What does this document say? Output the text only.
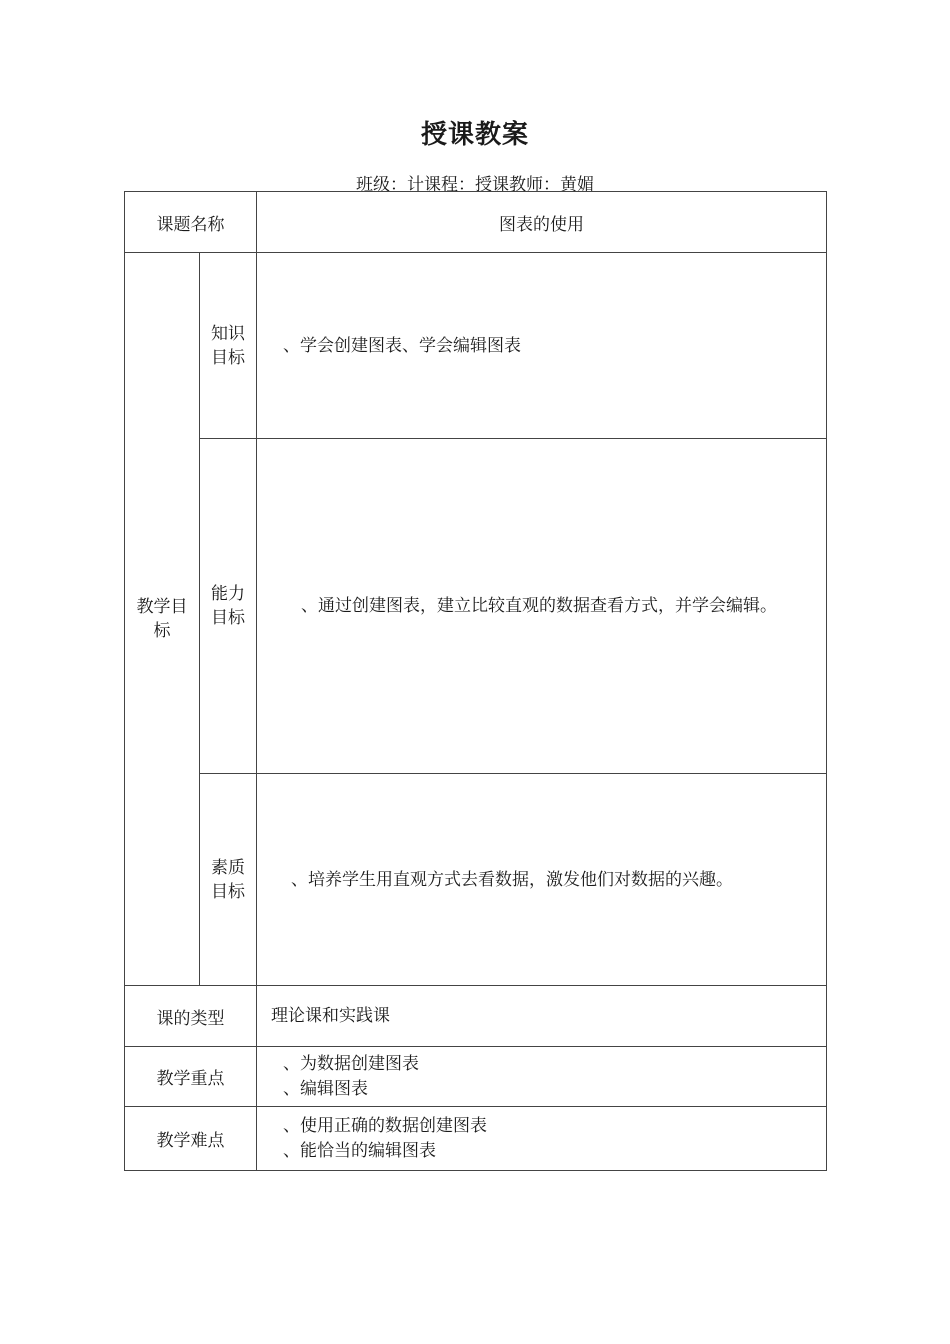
授课教案
班级：计课程：授课教师：黄媚
课题名称		图表的使用
教学目标	知识目标	、学会创建图表、学会编辑图表

	能力目标	、通过创建图表，建立比较直观的数据查看方式，并学会编辑。

	素质目标	、培养学生用直观方式去看数据，激发他们对数据的兴趣。

课的类型		理论课和实践课
教学重点		、为数据创建图表
、编辑图表

教学难点		、使用正确的数据创建图表
、能恰当的编辑图表
